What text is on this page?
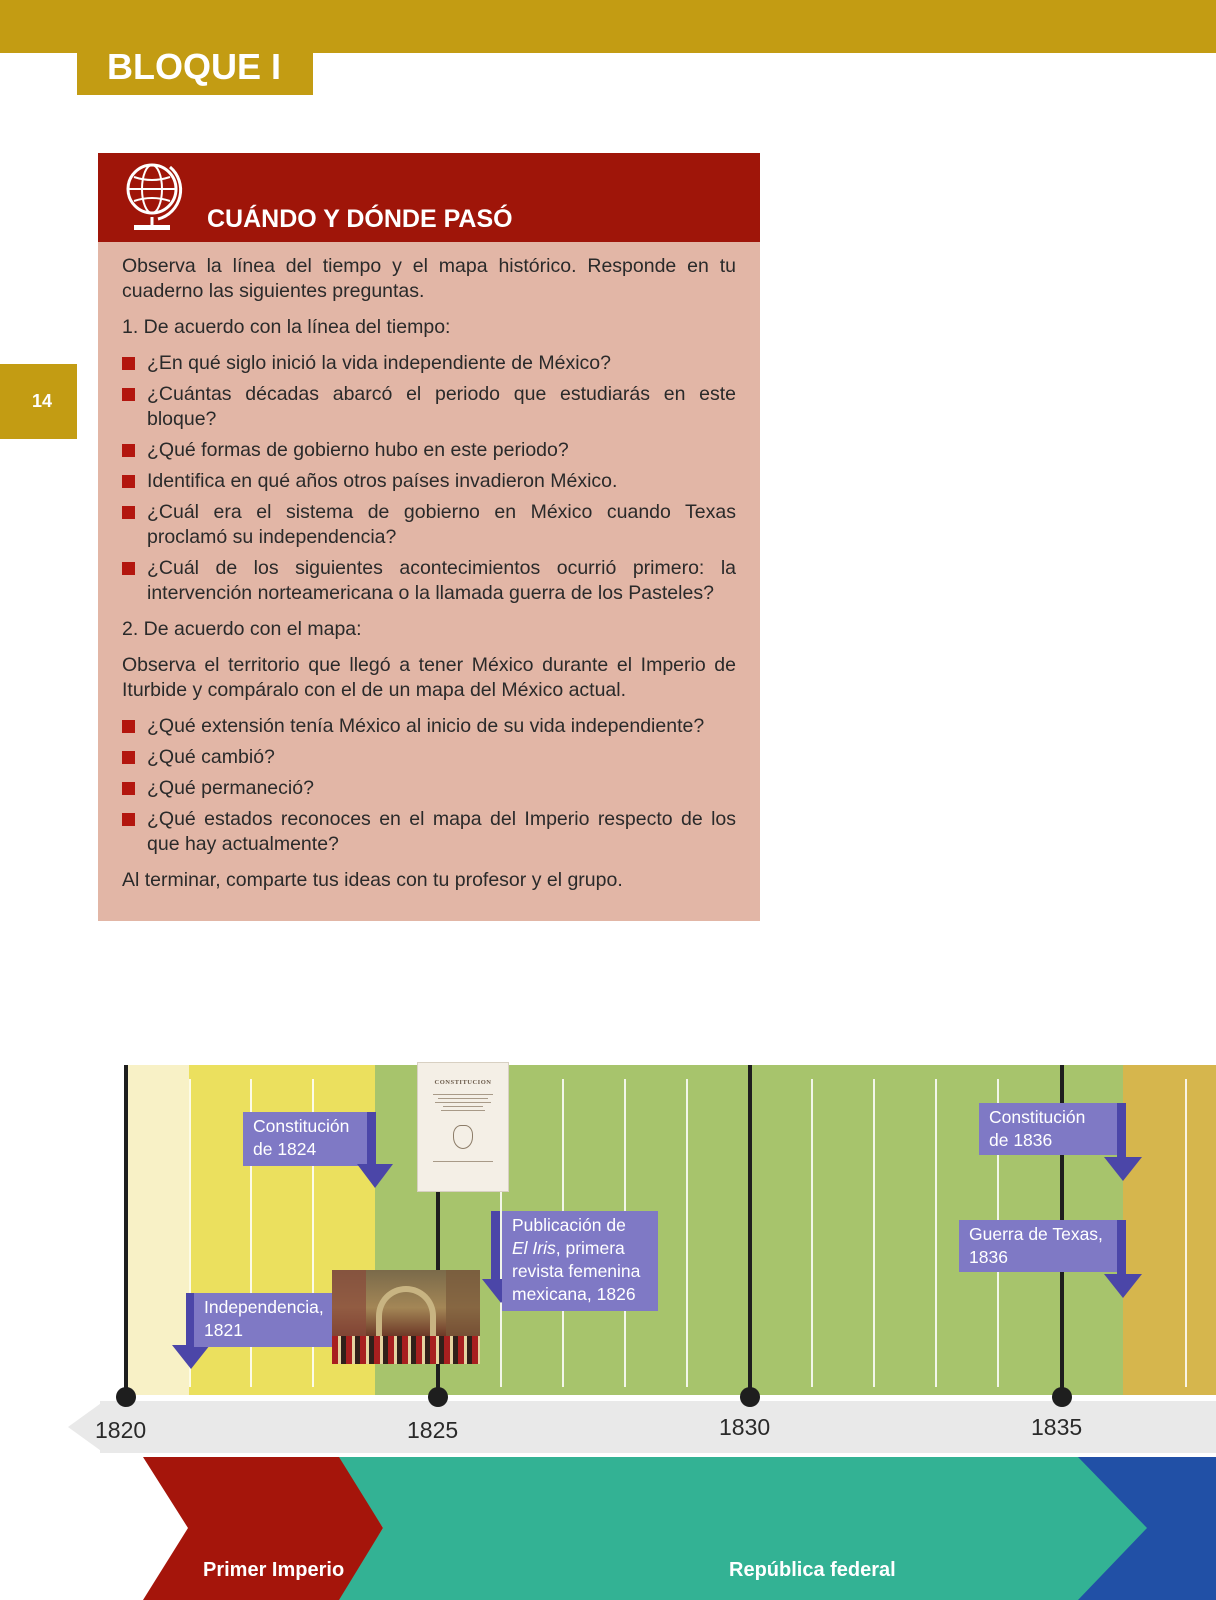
BLOQUE I
14
CUÁNDO Y DÓNDE PASÓ

Observa la línea del tiempo y el mapa histórico. Responde en tu cuaderno las siguientes preguntas.

1. De acuerdo con la línea del tiempo:

¿En qué siglo inició la vida independiente de México?
¿Cuántas décadas abarcó el periodo que estudiarás en este bloque?
¿Qué formas de gobierno hubo en este periodo?
Identifica en qué años otros países invadieron México.
¿Cuál era el sistema de gobierno en México cuando Texas proclamó su independencia?
¿Cuál de los siguientes acontecimientos ocurrió primero: la intervención norteamericana o la llamada guerra de los Pasteles?

2. De acuerdo con el mapa:

Observa el territorio que llegó a tener México durante el Imperio de Iturbide y compáralo con el de un mapa del México actual.

¿Qué extensión tenía México al inicio de su vida independiente?
¿Qué cambió?
¿Qué permaneció?
¿Qué estados reconoces en el mapa del Imperio respecto de los que hay actualmente?

Al terminar, comparte tus ideas con tu profesor y el grupo.

1820	1825	1830	1835
CONSTITUCION
Constitución
de 1824
Independencia,
1821
Publicación de
El Iris, primera
revista femenina
mexicana, 1826
Constitución
de 1836
Guerra de Texas,
1836
Primer Imperio	República federal
